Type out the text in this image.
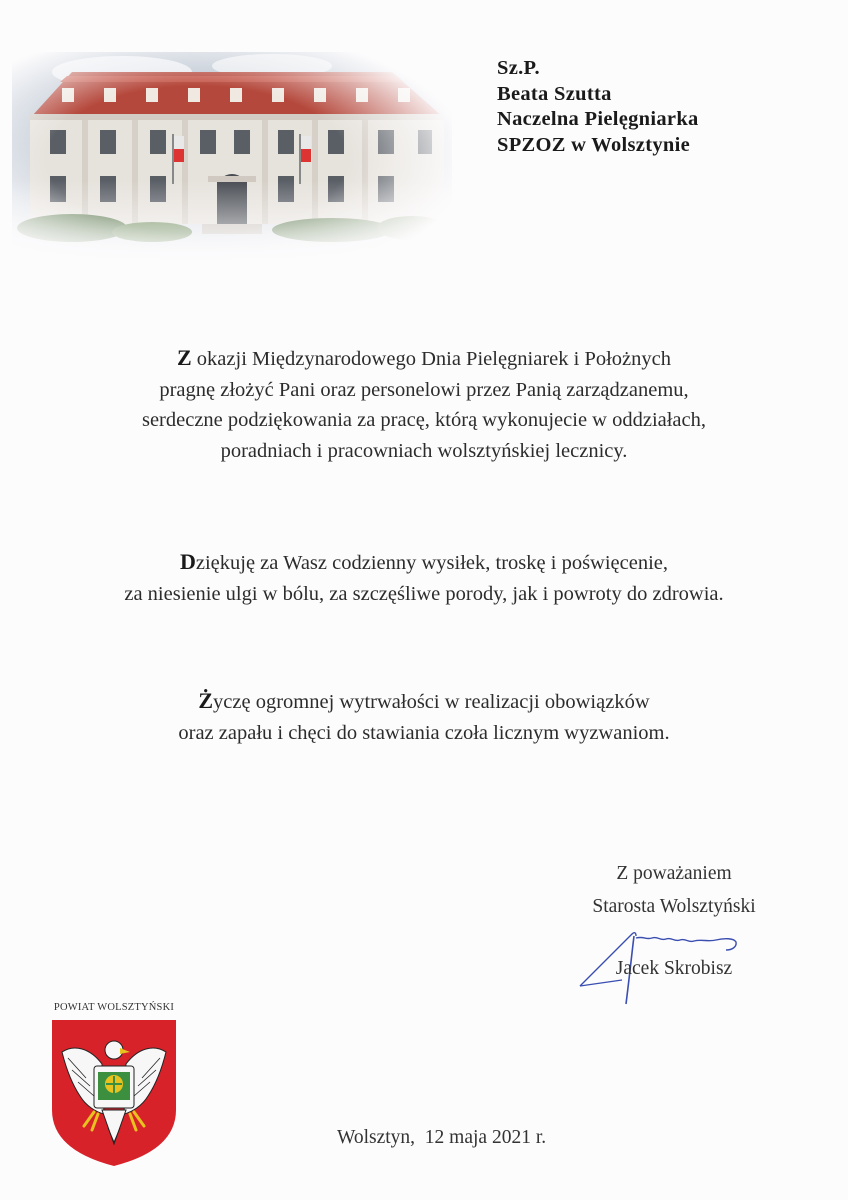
Sz.P.
Beata Szutta
Naczelna Pielęgniarka
SPZOZ w Wolsztynie
Z okazji Międzynarodowego Dnia Pielęgniarek i Położnych
pragnę złożyć Pani oraz personelowi przez Panią zarządzanemu,
serdeczne podziękowania za pracę, którą wykonujecie w oddziałach,
poradniach i pracowniach wolsztyńskiej lecznicy.
Dziękuję za Wasz codzienny wysiłek, troskę i poświęcenie,
za niesienie ulgi w bólu, za szczęśliwe porody, jak i powroty do zdrowia.
Życzę ogromnej wytrwałości w realizacji obowiązków
oraz zapału i chęci do stawiania czoła licznym wyzwaniom.
Z poważaniem
Starosta Wolsztyński
Jacek Skrobisz
POWIAT WOLSZTYŃSKI
Wolsztyn,  12 maja 2021 r.
